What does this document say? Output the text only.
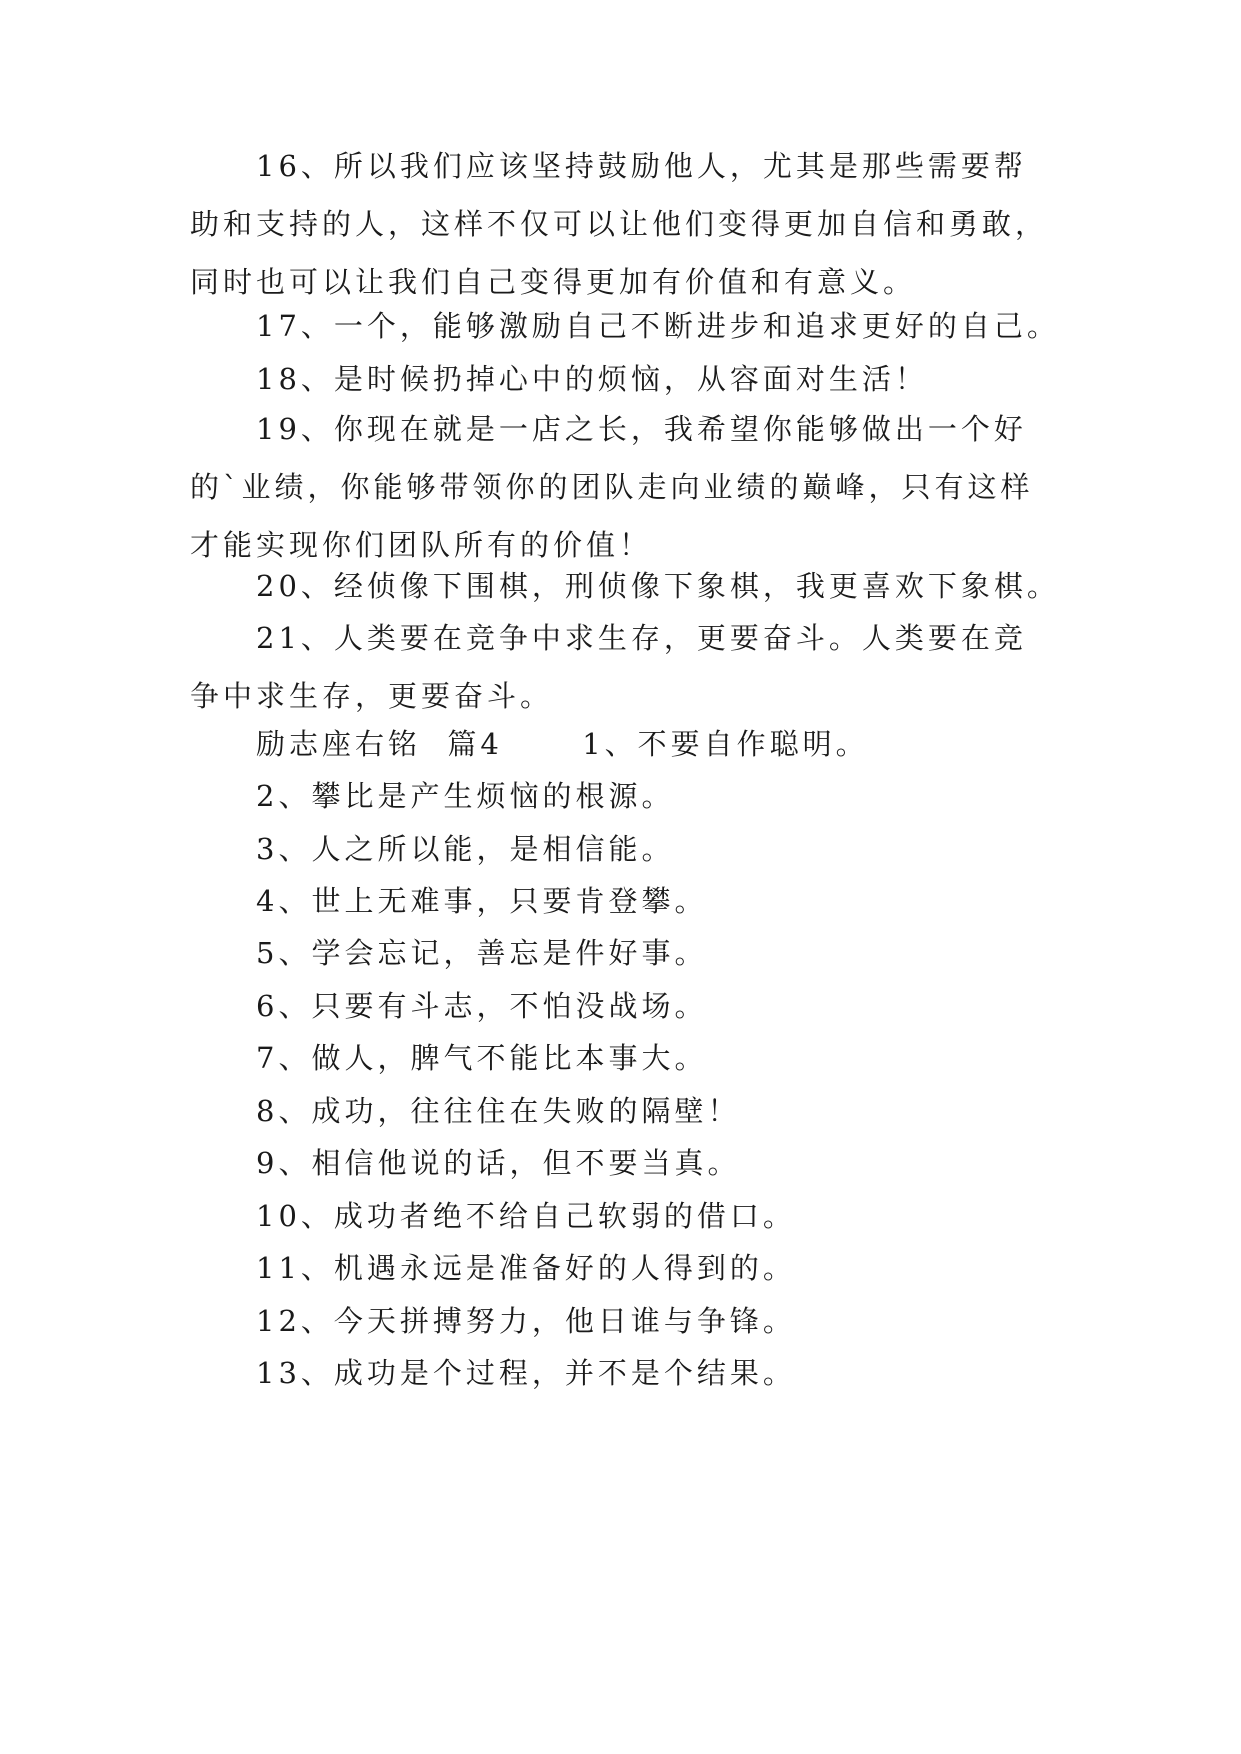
16、所以我们应该坚持鼓励他人，尤其是那些需要帮助和支持的人，这样不仅可以让他们变得更加自信和勇敢，同时也可以让我们自己变得更加有价值和有意义。

17、一个，能够激励自己不断进步和追求更好的自己。

18、是时候扔掉心中的烦恼，从容面对生活！

19、你现在就是一店之长，我希望你能够做出一个好的`业绩，你能够带领你的团队走向业绩的巅峰，只有这样才能实现你们团队所有的价值！

20、经侦像下围棋，刑侦像下象棋，我更喜欢下象棋。

21、人类要在竞争中求生存，更要奋斗。人类要在竞争中求生存，更要奋斗。

励志座右铭  篇4      1、不要自作聪明。

2、攀比是产生烦恼的根源。

3、人之所以能，是相信能。

4、世上无难事，只要肯登攀。

5、学会忘记，善忘是件好事。

6、只要有斗志，不怕没战场。

7、做人，脾气不能比本事大。

8、成功，往往住在失败的隔壁！

9、相信他说的话，但不要当真。

10、成功者绝不给自己软弱的借口。

11、机遇永远是准备好的人得到的。

12、今天拼搏努力，他日谁与争锋。

13、成功是个过程，并不是个结果。
